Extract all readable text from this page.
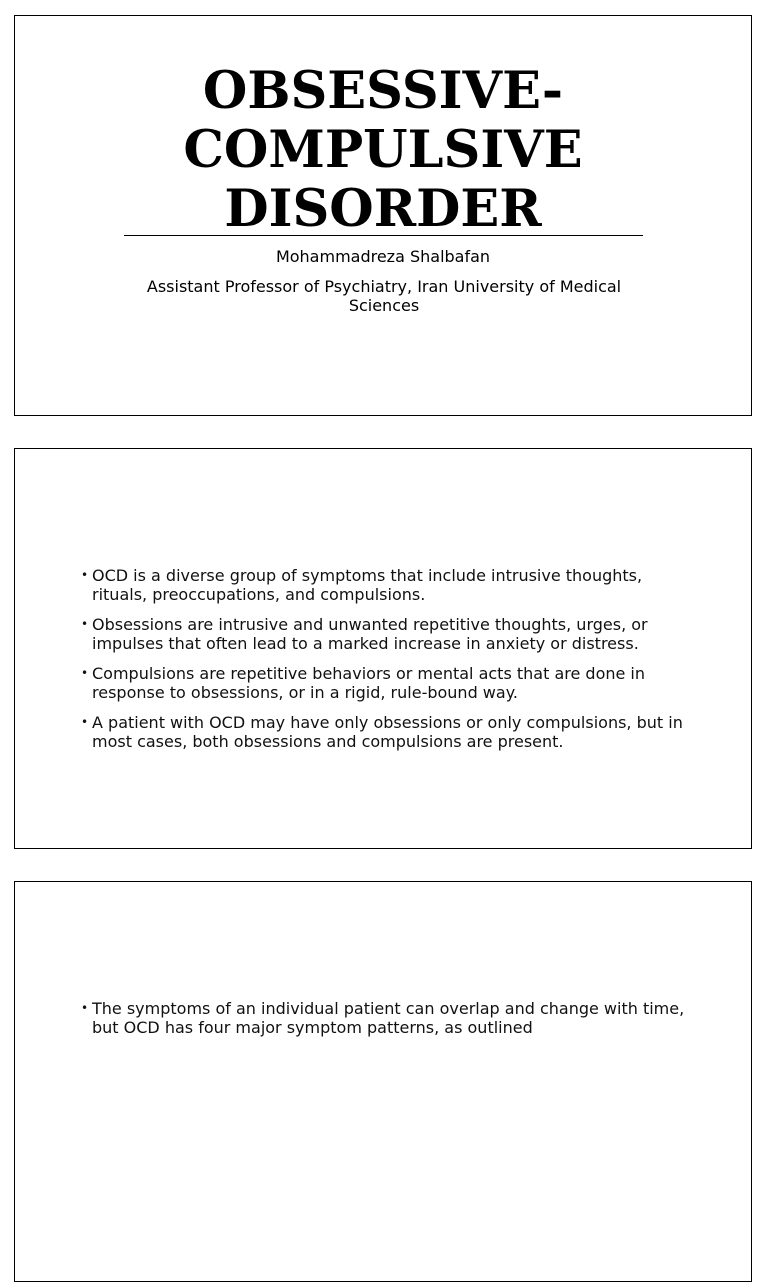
OBSESSIVE-
COMPULSIVE
DISORDER
Mohammadreza Shalbafan
Assistant Professor of Psychiatry, Iran University of Medical Sciences
• OCD is a diverse group of symptoms that include intrusive thoughts, rituals, preoccupations, and compulsions.
• Obsessions are intrusive and unwanted repetitive thoughts, urges, or impulses that often lead to a marked increase in anxiety or distress.
• Compulsions are repetitive behaviors or mental acts that are done in response to obsessions, or in a rigid, rule-bound way.
• A patient with OCD may have only obsessions or only compulsions, but in most cases, both obsessions and compulsions are present.
• The symptoms of an individual patient can overlap and change with time, but OCD has four major symptom patterns, as outlined
